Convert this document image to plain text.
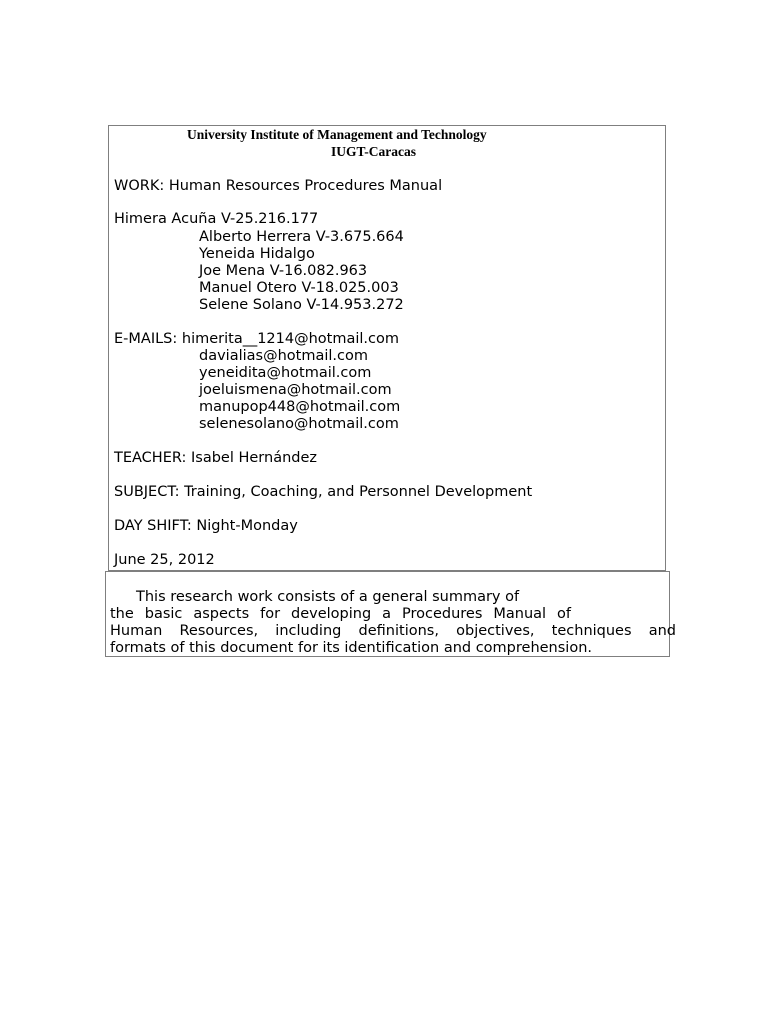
University Institute of Management and Technology
IUGT-Caracas
WORK: Human Resources Procedures Manual
Himera Acuña V-25.216.177
Alberto Herrera V-3.675.664
Yeneida Hidalgo
Joe Mena V-16.082.963
Manuel Otero V-18.025.003
Selene Solano V-14.953.272
E-MAILS: himerita__1214@hotmail.com
davialias@hotmail.com
yeneidita@hotmail.com
joeluismena@hotmail.com
manupop448@hotmail.com
selenesolano@hotmail.com
TEACHER: Isabel Hernández
SUBJECT: Training, Coaching, and Personnel Development
DAY SHIFT: Night-Monday
June 25, 2012
This research work consists of a general summary of
the basic aspects for developing a Procedures Manual of
Human Resources, including definitions, objectives, techniques and
formats of this document for its identification and comprehension.
